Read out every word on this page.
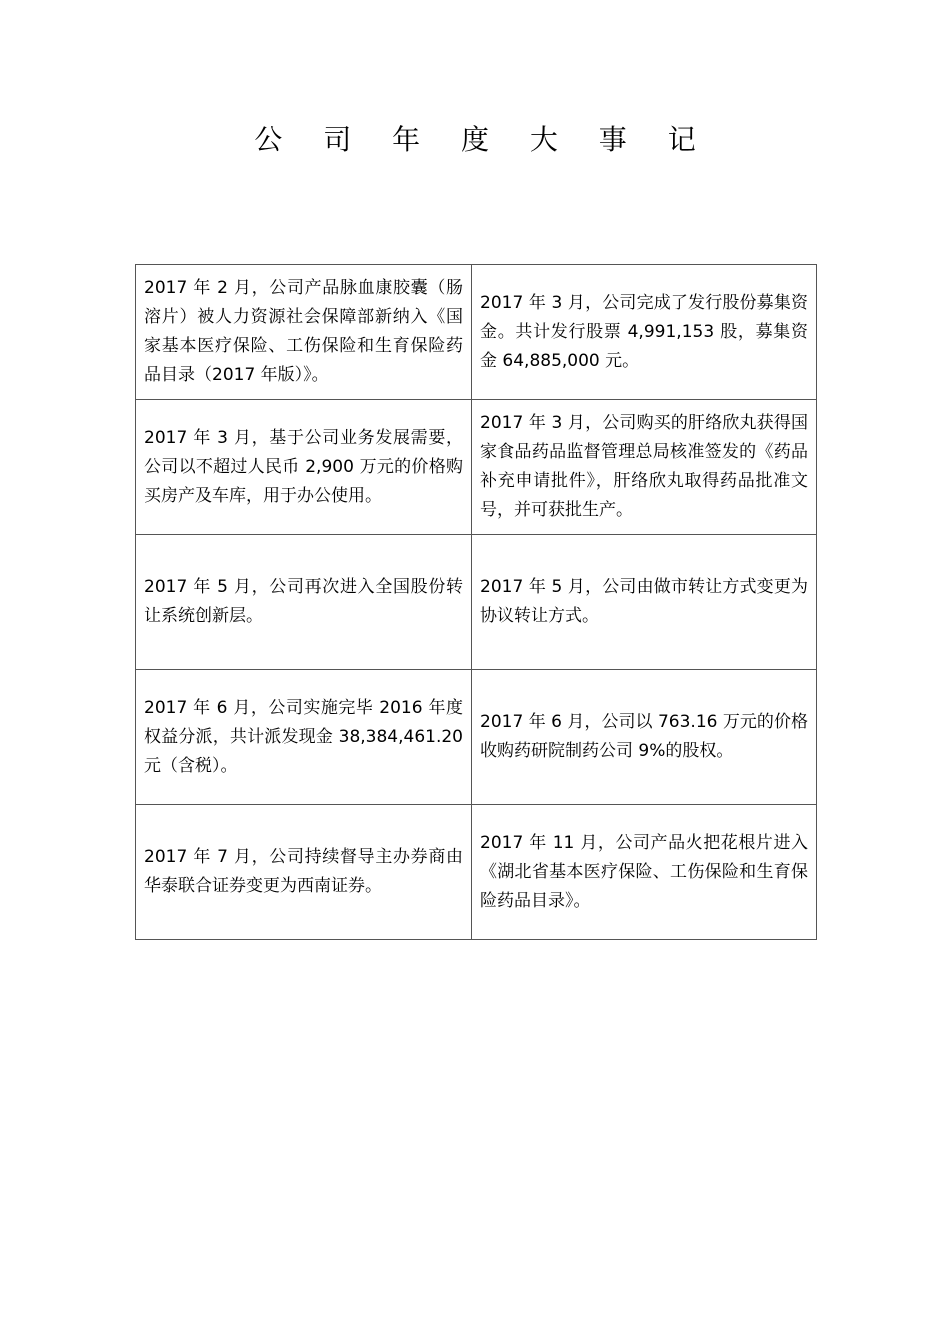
公 司 年 度 大 事 记
2017 年 2 月，公司产品脉血康胶囊（肠溶片）被人力资源社会保障部新纳入《国家基本医疗保险、工伤保险和生育保险药品目录（2017 年版）》。	2017 年 3 月，公司完成了发行股份募集资金。共计发行股票 4,991,153 股，募集资金 64,885,000 元。
2017 年 3 月，基于公司业务发展需要，公司以不超过人民币 2,900 万元的价格购买房产及车库，用于办公使用。	2017 年 3 月，公司购买的肝络欣丸获得国家食品药品监督管理总局核准签发的《药品补充申请批件》，肝络欣丸取得药品批准文号，并可获批生产。
2017 年 5 月，公司再次进入全国股份转让系统创新层。	2017 年 5 月，公司由做市转让方式变更为协议转让方式。
2017 年 6 月，公司实施完毕 2016 年度权益分派，共计派发现金 38,384,461.20 元（含税）。	2017 年 6 月，公司以 763.16 万元的价格收购药研院制药公司 9%的股权。
2017 年 7 月，公司持续督导主办券商由华泰联合证券变更为西南证券。	2017 年 11 月，公司产品火把花根片进入《湖北省基本医疗保险、工伤保险和生育保险药品目录》。
